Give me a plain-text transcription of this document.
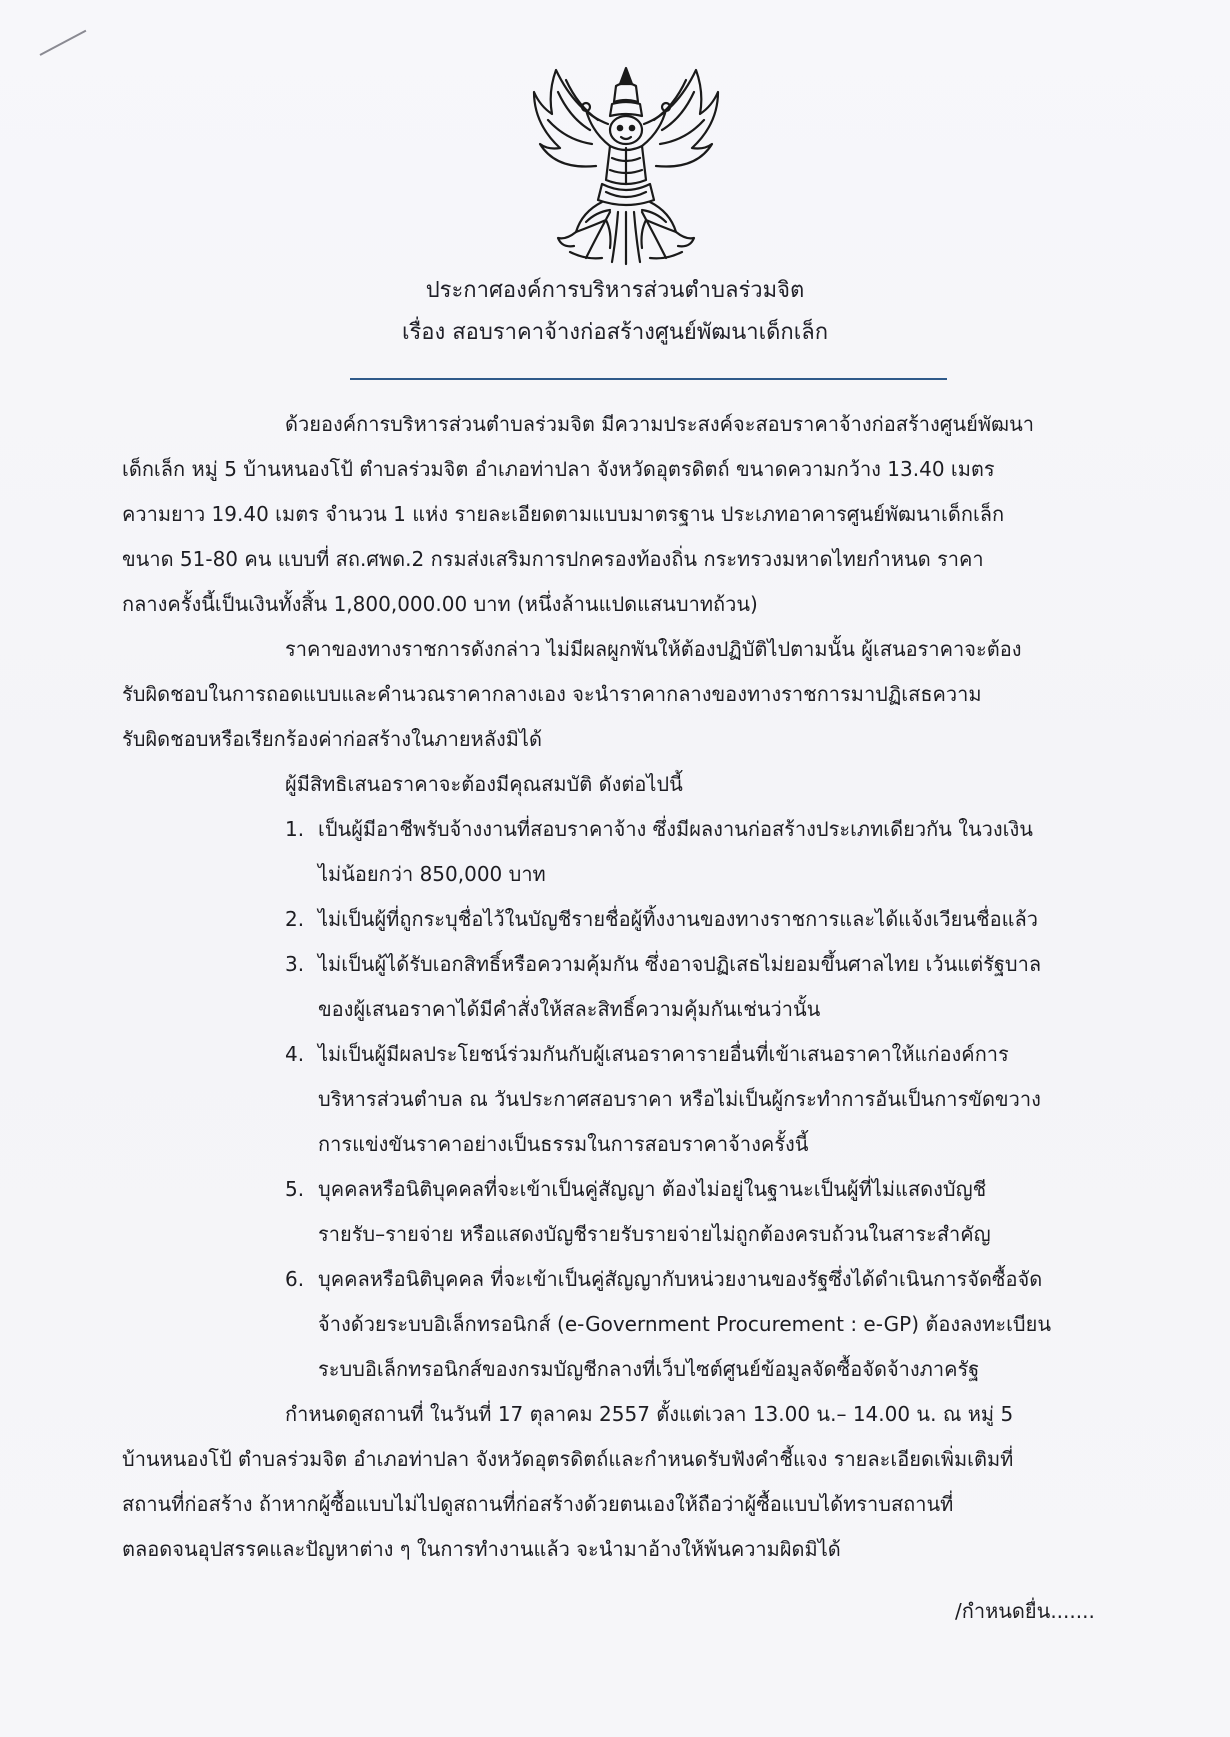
ประกาศองค์การบริหารส่วนตำบลร่วมจิต
เรื่อง สอบราคาจ้างก่อสร้างศูนย์พัฒนาเด็กเล็ก
ด้วยองค์การบริหารส่วนตำบลร่วมจิต มีความประสงค์จะสอบราคาจ้างก่อสร้างศูนย์พัฒนา
เด็กเล็ก หมู่ 5 บ้านหนองโป้ ตำบลร่วมจิต อำเภอท่าปลา จังหวัดอุตรดิตถ์ ขนาดความกว้าง 13.40 เมตร
ความยาว 19.40 เมตร จำนวน 1 แห่ง รายละเอียดตามแบบมาตรฐาน ประเภทอาคารศูนย์พัฒนาเด็กเล็ก
ขนาด 51-80 คน แบบที่ สถ.ศพด.2 กรมส่งเสริมการปกครองท้องถิ่น กระทรวงมหาดไทยกำหนด ราคา
กลางครั้งนี้เป็นเงินทั้งสิ้น 1,800,000.00 บาท (หนึ่งล้านแปดแสนบาทถ้วน)
ราคาของทางราชการดังกล่าว ไม่มีผลผูกพันให้ต้องปฏิบัติไปตามนั้น ผู้เสนอราคาจะต้อง
รับผิดชอบในการถอดแบบและคำนวณราคากลางเอง จะนำราคากลางของทางราชการมาปฏิเสธความ
รับผิดชอบหรือเรียกร้องค่าก่อสร้างในภายหลังมิได้
ผู้มีสิทธิเสนอราคาจะต้องมีคุณสมบัติ ดังต่อไปนี้
1. เป็นผู้มีอาชีพรับจ้างงานที่สอบราคาจ้าง ซึ่งมีผลงานก่อสร้างประเภทเดียวกัน ในวงเงิน
ไม่น้อยกว่า 850,000 บาท
2. ไม่เป็นผู้ที่ถูกระบุชื่อไว้ในบัญชีรายชื่อผู้ทิ้งงานของทางราชการและได้แจ้งเวียนชื่อแล้ว
3. ไม่เป็นผู้ได้รับเอกสิทธิ์หรือความคุ้มกัน ซึ่งอาจปฏิเสธไม่ยอมขึ้นศาลไทย เว้นแต่รัฐบาล
ของผู้เสนอราคาได้มีคำสั่งให้สละสิทธิ์ความคุ้มกันเช่นว่านั้น
4. ไม่เป็นผู้มีผลประโยชน์ร่วมกันกับผู้เสนอราคารายอื่นที่เข้าเสนอราคาให้แก่องค์การ
บริหารส่วนตำบล ณ วันประกาศสอบราคา หรือไม่เป็นผู้กระทำการอันเป็นการขัดขวาง
การแข่งขันราคาอย่างเป็นธรรมในการสอบราคาจ้างครั้งนี้
5. บุคคลหรือนิติบุคคลที่จะเข้าเป็นคู่สัญญา ต้องไม่อยู่ในฐานะเป็นผู้ที่ไม่แสดงบัญชี
รายรับ–รายจ่าย หรือแสดงบัญชีรายรับรายจ่ายไม่ถูกต้องครบถ้วนในสาระสำคัญ
6. บุคคลหรือนิติบุคคล ที่จะเข้าเป็นคู่สัญญากับหน่วยงานของรัฐซึ่งได้ดำเนินการจัดซื้อจัด
จ้างด้วยระบบอิเล็กทรอนิกส์ (e-Government Procurement : e-GP) ต้องลงทะเบียน
ระบบอิเล็กทรอนิกส์ของกรมบัญชีกลางที่เว็บไซต์ศูนย์ข้อมูลจัดซื้อจัดจ้างภาครัฐ
กำหนดดูสถานที่ ในวันที่ 17 ตุลาคม 2557 ตั้งแต่เวลา 13.00 น.– 14.00 น. ณ หมู่ 5
บ้านหนองโป้ ตำบลร่วมจิต อำเภอท่าปลา จังหวัดอุตรดิตถ์และกำหนดรับฟังคำชี้แจง รายละเอียดเพิ่มเติมที่
สถานที่ก่อสร้าง ถ้าหากผู้ซื้อแบบไม่ไปดูสถานที่ก่อสร้างด้วยตนเองให้ถือว่าผู้ซื้อแบบได้ทราบสถานที่
ตลอดจนอุปสรรคและปัญหาต่าง ๆ ในการทำงานแล้ว จะนำมาอ้างให้พ้นความผิดมิได้
/กำหนดยื่น.......
